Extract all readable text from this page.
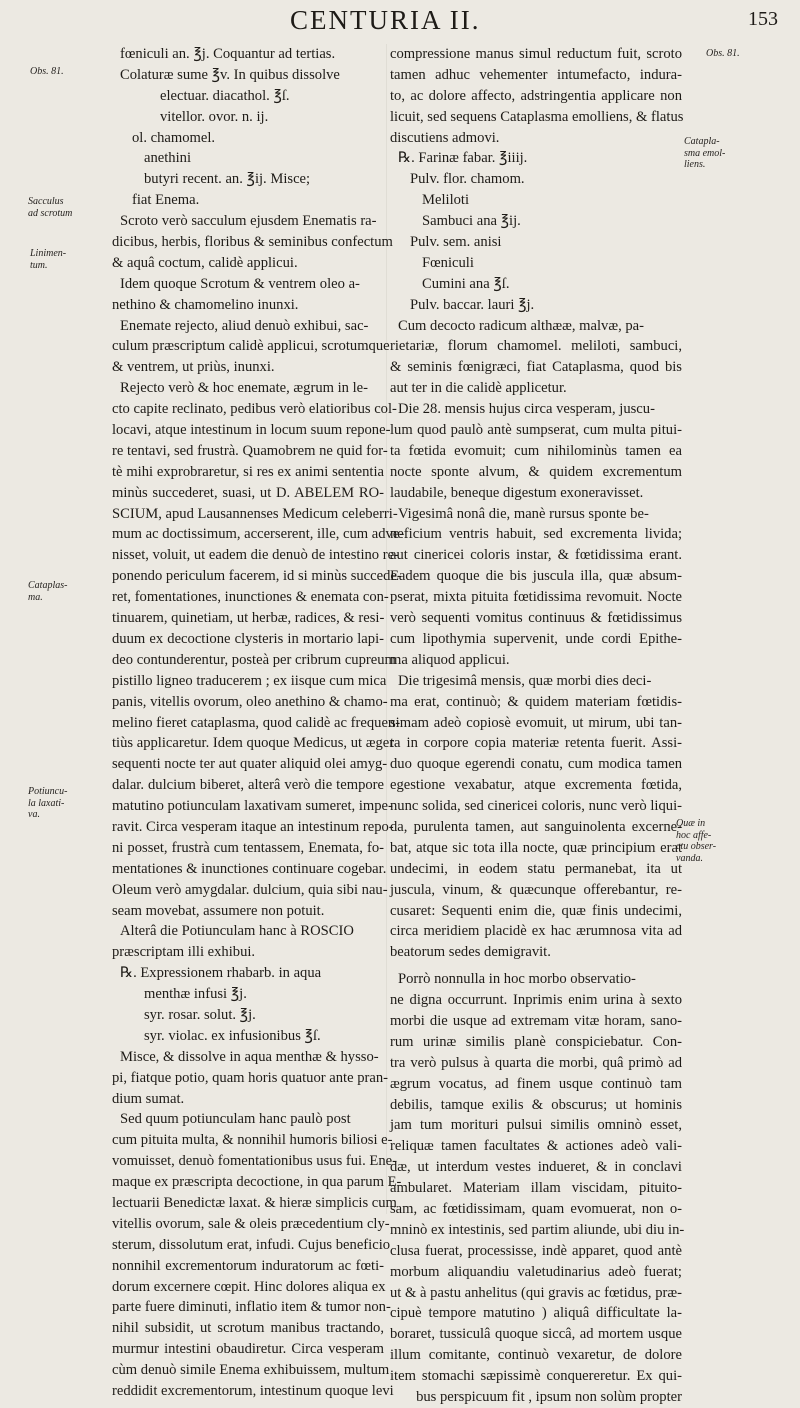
CENTURIA II.	153
Obs. 81.
Sacculus
ad scrotum
Linimen-
tum.
Cataplas-
ma.
Potiuncu-
la laxati-
va.
Obs. 81.
Catapla-
sma emol-
liens.
Quæ in
hoc affe-
ctu obser-
vanda.
fœniculi an. ℥j. Coquantur ad tertias.
Colaturæ sume ℥v. In quibus dissolve
electuar. diacathol. ℥ſ.
vitellor. ovor. n. ij.
ol. chamomel.
anethini
butyri recent. an. ℥ij. Misce;
fiat Enema.
Scroto verò sacculum ejusdem Enematis ra-
dicibus, herbis, floribus & seminibus confectum
& aquâ coctum, calidè applicui.
Idem quoque Scrotum & ventrem oleo a-
nethino & chamomelino inunxi.
Enemate rejecto, aliud denuò exhibui, sac-
culum præscriptum calidè applicui, scrotumque
& ventrem, ut priùs, inunxi.
Rejecto verò & hoc enemate, ægrum in le-
cto capite reclinato, pedibus verò elatioribus col-
locavi, atque intestinum in locum suum repone-
re tentavi, sed frustrà. Quamobrem ne quid for-
tè mihi exprobraretur, si res ex animi sententia
minùs succederet, suasi, ut D. ABELEM RO-
SCIUM, apud Lausannenses Medicum celeberri-
mum ac doctissimum, accerserent, ille, cum adve-
nisset, voluit, ut eadem die denuò de intestino re-
ponendo periculum facerem, id si minùs succede-
ret, fomentationes, inunctiones & enemata con-
tinuarem, quinetiam, ut herbæ, radices, & resi-
duum ex decoctione clysteris in mortario lapi-
deo contunderentur, posteà per cribrum cupreum
pistillo ligneo traducerem ; ex iisque cum mica
panis, vitellis ovorum, oleo anethino & chamo-
melino fieret cataplasma, quod calidè ac frequen-
tiùs applicaretur. Idem quoque Medicus, ut æger
sequenti nocte ter aut quater aliquid olei amyg-
dalar. dulcium biberet, alterâ verò die tempore
matutino potiunculam laxativam sumeret, impe-
ravit. Circa vesperam itaque an intestinum repo-
ni posset, frustrà cum tentassem, Enemata, fo-
mentationes & inunctiones continuare cogebar.
Oleum verò amygdalar. dulcium, quia sibi nau-
seam movebat, assumere non potuit.
Alterâ die Potiunculam hanc à ROSCIO
præscriptam illi exhibui.
℞. Expressionem rhabarb. in aqua
menthæ infusi ℥j.
syr. rosar. solut. ℥j.
syr. violac. ex infusionibus ℥ſ.
Misce, & dissolve in aqua menthæ & hysso-
pi, fiatque potio, quam horis quatuor ante pran-
dium sumat.
Sed quum potiunculam hanc paulò post
cum pituita multa, & nonnihil humoris biliosi e-
vomuisset, denuò fomentationibus usus fui. Ene-
maque ex præscripta decoctione, in qua parum E-
lectuarii Benedictæ laxat. & hieræ simplicis cum
vitellis ovorum, sale & oleis præcedentium cly-
sterum, dissolutum erat, infudi. Cujus beneficio
nonnihil excrementorum induratorum ac fœti-
dorum excernere cœpit. Hinc dolores aliqua ex
parte fuere diminuti, inflatio item & tumor non-
nihil subsidit, ut scrotum manibus tractando,
murmur intestini obaudiretur. Circa vesperam
cùm denuò simile Enema exhibuissem, multum
reddidit excrementorum, intestinum quoque levi
compressione manus simul reductum fuit, scroto
tamen adhuc vehementer intumefacto, indura-
to, ac dolore affecto, adstringentia applicare non
licuit, sed sequens Cataplasma emolliens, & flatus
discutiens admovi.
℞. Farinæ fabar. ℥iiij.
Pulv. flor. chamom.
Meliloti
Sambuci ana ℥ij.
Pulv. sem. anisi
Fœniculi
Cumini ana ℥ſ.
Pulv. baccar. lauri ℥j.
Cum decocto radicum althææ, malvæ, pa-
rietariæ, florum chamomel. meliloti, sambuci,
& seminis fœnigræci, fiat Cataplasma, quod bis
aut ter in die calidè applicetur.
Die 28. mensis hujus circa vesperam, juscu-
lum quod paulò antè sumpserat, cum multa pitui-
ta fœtida evomuit; cum nihilominùs tamen ea
nocte sponte alvum, & quidem excrementum
laudabile, beneque digestum exoneravisset.
Vigesimâ nonâ die, manè rursus sponte be-
neficium ventris habuit, sed excrementa livida;
aut cinericei coloris instar, & fœtidissima erant.
Eadem quoque die bis juscula illa, quæ absum-
pserat, mixta pituita fœtidissima revomuit. Nocte
verò sequenti vomitus continuus & fœtidissimus
cum lipothymia supervenit, unde cordi Epithe-
ma aliquod applicui.
Die trigesimâ mensis, quæ morbi dies deci-
ma erat, continuò; & quidem materiam fœtidis-
simam adeò copiosè evomuit, ut mirum, ubi tan-
ta in corpore copia materiæ retenta fuerit. Assi-
duo quoque egerendi conatu, cum modica tamen
egestione vexabatur, atque excrementa fœtida,
nunc solida, sed cinericei coloris, nunc verò liqui-
da, purulenta tamen, aut sanguinolenta excerne-
bat, atque sic tota illa nocte, quæ principium erat
undecimi, in eodem statu permanebat, ita ut
juscula, vinum, & quæcunque offerebantur, re-
cusaret: Sequenti enim die, quæ finis undecimi,
circa meridiem placidè ex hac ærumnosa vita ad
beatorum sedes demigravit.
Porrò nonnulla in hoc morbo observatio-
ne digna occurrunt. Inprimis enim urina à sexto
morbi die usque ad extremam vitæ horam, sano-
rum urinæ similis planè conspiciebatur. Con-
tra verò pulsus à quarta die morbi, quâ primò ad
ægrum vocatus, ad finem usque continuò tam
debilis, tamque exilis & obscurus; ut hominis
jam tum morituri pulsui similis omninò esset,
reliquæ tamen facultates & actiones adeò vali-
dæ, ut interdum vestes indueret, & in conclavi
ambularet. Materiam illam viscidam, pituito-
sam, ac fœtidissimam, quam evomuerat, non o-
mninò ex intestinis, sed partim aliunde, ubi diu in-
clusa fuerat, processisse, indè apparet, quod antè
morbum aliquandiu valetudinarius adeò fuerat;
ut & à pastu anhelitus (qui gravis ac fœtidus, præ-
cipuè tempore matutino ) aliquâ difficultate la-
boraret, tussiculâ quoque siccâ, ad mortem usque
illum comitante, continuò vexaretur, de dolore
item stomachi sæpissimè conquereretur. Ex qui-
bus perspicuum fit , ipsum non solùm propter
